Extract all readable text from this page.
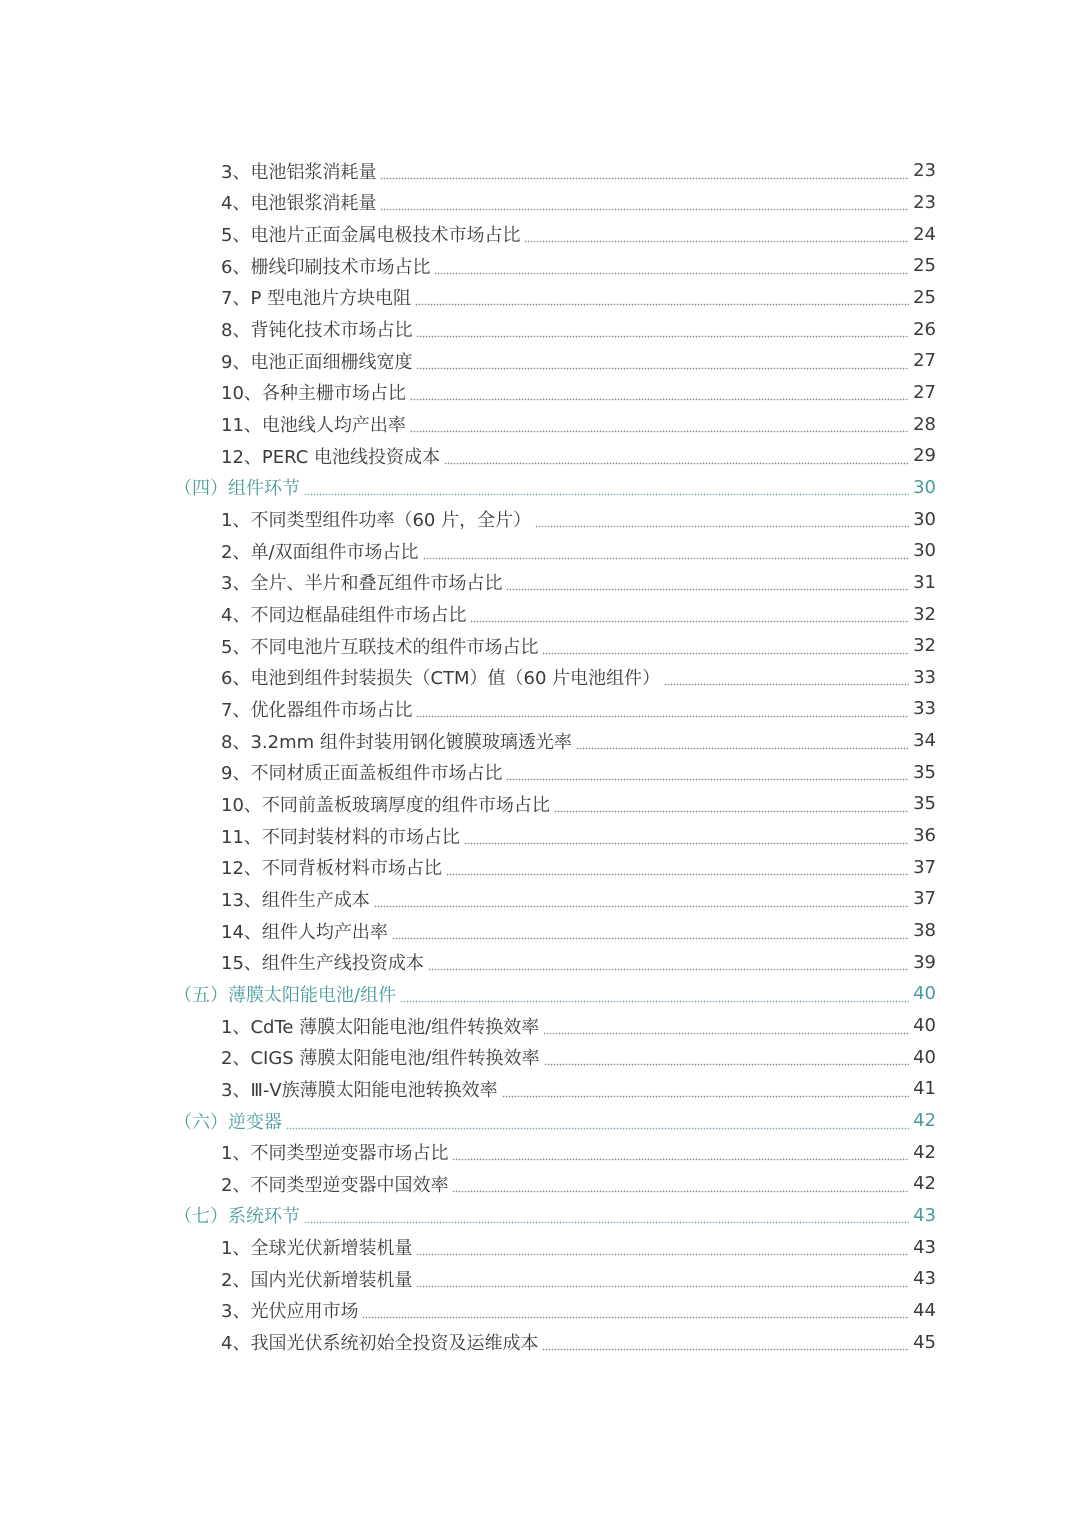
3、电池铝浆消耗量	23
4、电池银浆消耗量	23
5、电池片正面金属电极技术市场占比	24
6、栅线印刷技术市场占比	25
7、P 型电池片方块电阻	25
8、背钝化技术市场占比	26
9、电池正面细栅线宽度	27
10、各种主栅市场占比	27
11、电池线人均产出率	28
12、PERC 电池线投资成本	29
（四）组件环节	30
1、不同类型组件功率（60 片，全片）	30
2、单/双面组件市场占比	30
3、全片、半片和叠瓦组件市场占比	31
4、不同边框晶硅组件市场占比	32
5、不同电池片互联技术的组件市场占比	32
6、电池到组件封装损失（CTM）值（60 片电池组件）	33
7、优化器组件市场占比	33
8、3.2mm 组件封装用钢化镀膜玻璃透光率	34
9、不同材质正面盖板组件市场占比	35
10、不同前盖板玻璃厚度的组件市场占比	35
11、不同封装材料的市场占比	36
12、不同背板材料市场占比	37
13、组件生产成本	37
14、组件人均产出率	38
15、组件生产线投资成本	39
（五）薄膜太阳能电池/组件	40
1、CdTe 薄膜太阳能电池/组件转换效率	40
2、CIGS 薄膜太阳能电池/组件转换效率	40
3、Ⅲ-Ⅴ族薄膜太阳能电池转换效率	41
（六）逆变器	42
1、不同类型逆变器市场占比	42
2、不同类型逆变器中国效率	42
（七）系统环节	43
1、全球光伏新增装机量	43
2、国内光伏新增装机量	43
3、光伏应用市场	44
4、我国光伏系统初始全投资及运维成本	45
